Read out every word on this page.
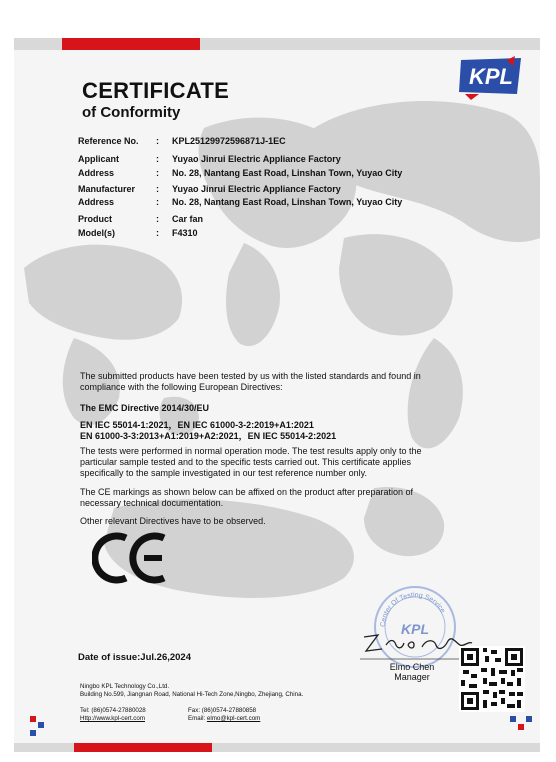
KPL
CERTIFICATE
of Conformity
Reference No. : KPL25129972596871J-1EC
Applicant	: Yuyao Jinrui Electric Appliance Factory
Address	: No. 28, Nantang East Road, Linshan Town, Yuyao City
Manufacturer : Yuyao Jinrui Electric Appliance Factory
Address	: No. 28, Nantang East Road, Linshan Town, Yuyao City
Product	: Car fan
Model(s)	: F4310
The submitted products have been tested by us with the listed standards and found in compliance with the following European Directives:
The EMC Directive 2014/30/EU
EN IEC 55014-1:2021，EN IEC 61000-3-2:2019+A1:2021
EN 61000-3-3:2013+A1:2019+A2:2021，EN IEC 55014-2:2021
The tests were performed in normal operation mode. The test results apply only to the particular sample tested and to the specific tests carried out. This certificate applies specifically to the sample investigated in our test reference number only.
The CE markings as shown below can be affixed on the product after preparation of necessary technical documentation.
Other relevant Directives have to be observed.
Center Of Testing Service
KPL
Date of issue:Jul.26,2024
Elmo Chen
Manager
Ningbo KPL Technology Co.,Ltd.
Building No.599, Jiangnan Road, National Hi-Tech Zone,Ningbo, Zhejiang, China.
Tel: (86)0574-27880028	Fax: (86)0574-27880858
Http://www.kpl-cert.com	Email: elmo@kpl-cert.com
